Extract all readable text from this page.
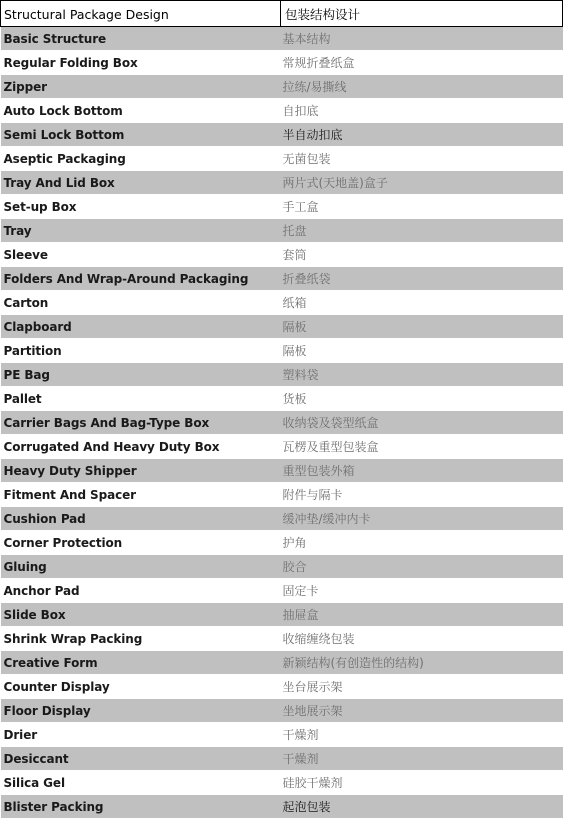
Structural Package Design	包装结构设计
Basic Structure	基本结构
Regular Folding Box	常规折叠纸盒
Zipper	拉练/易撕线
Auto Lock Bottom	自扣底
Semi Lock Bottom	半自动扣底
Aseptic Packaging	无菌包装
Tray And Lid Box	两片式(天地盖)盒子
Set-up Box	手工盒
Tray	托盘
Sleeve	套筒
Folders And Wrap-Around Packaging	折叠纸袋
Carton	纸箱
Clapboard	隔板
Partition	隔板
PE Bag	塑料袋
Pallet	货板
Carrier Bags And Bag-Type Box	收纳袋及袋型纸盒
Corrugated And Heavy Duty Box	瓦楞及重型包装盒
Heavy Duty Shipper	重型包装外箱
Fitment And Spacer	附件与隔卡
Cushion Pad	缓冲垫/缓冲内卡
Corner Protection	护角
Gluing	胶合
Anchor Pad	固定卡
Slide Box	抽屉盒
Shrink Wrap Packing	收缩缠绕包装
Creative Form	新颖结构(有创造性的结构)
Counter Display	坐台展示架
Floor Display	坐地展示架
Drier	干燥剂
Desiccant	干燥剂
Silica Gel	硅胶干燥剂
Blister Packing	起泡包装
